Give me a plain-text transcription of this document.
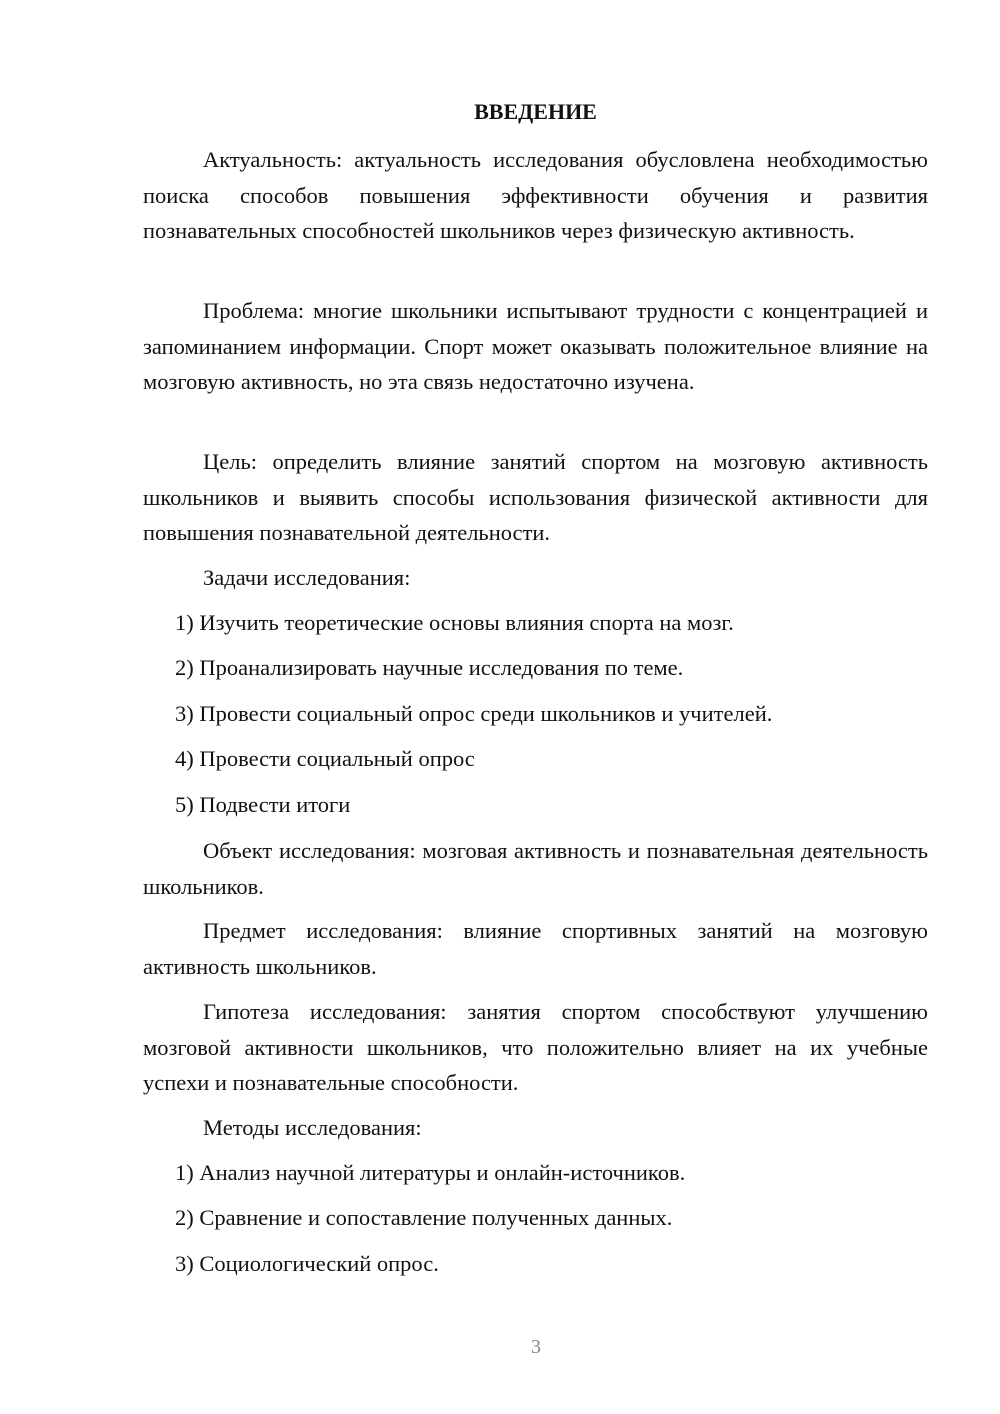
ВВЕДЕНИЕ

Актуальность: актуальность исследования обусловлена необходимостью поиска способов повышения эффективности обучения и развития познавательных способностей школьников через физическую активность.

Проблема: многие школьники испытывают трудности с концентрацией и запоминанием информации. Спорт может оказывать положительное влияние на мозговую активность, но эта связь недостаточно изучена.

Цель: определить влияние занятий спортом на мозговую активность школьников и выявить способы использования физической активности для повышения познавательной деятельности.

Задачи исследования:

1) Изучить теоретические основы влияния спорта на мозг.

2) Проанализировать научные исследования по теме.

3) Провести социальный опрос среди школьников и учителей.

4) Провести социальный опрос

5) Подвести итоги

Объект исследования: мозговая активность и познавательная деятельность школьников.

Предмет исследования: влияние спортивных занятий на мозговую активность школьников.

Гипотеза исследования: занятия спортом способствуют улучшению мозговой активности школьников, что положительно влияет на их учебные успехи и познавательные способности.

Методы исследования:

1) Анализ научной литературы и онлайн-источников.

2) Сравнение и сопоставление полученных данных.

3) Социологический опрос.

3
